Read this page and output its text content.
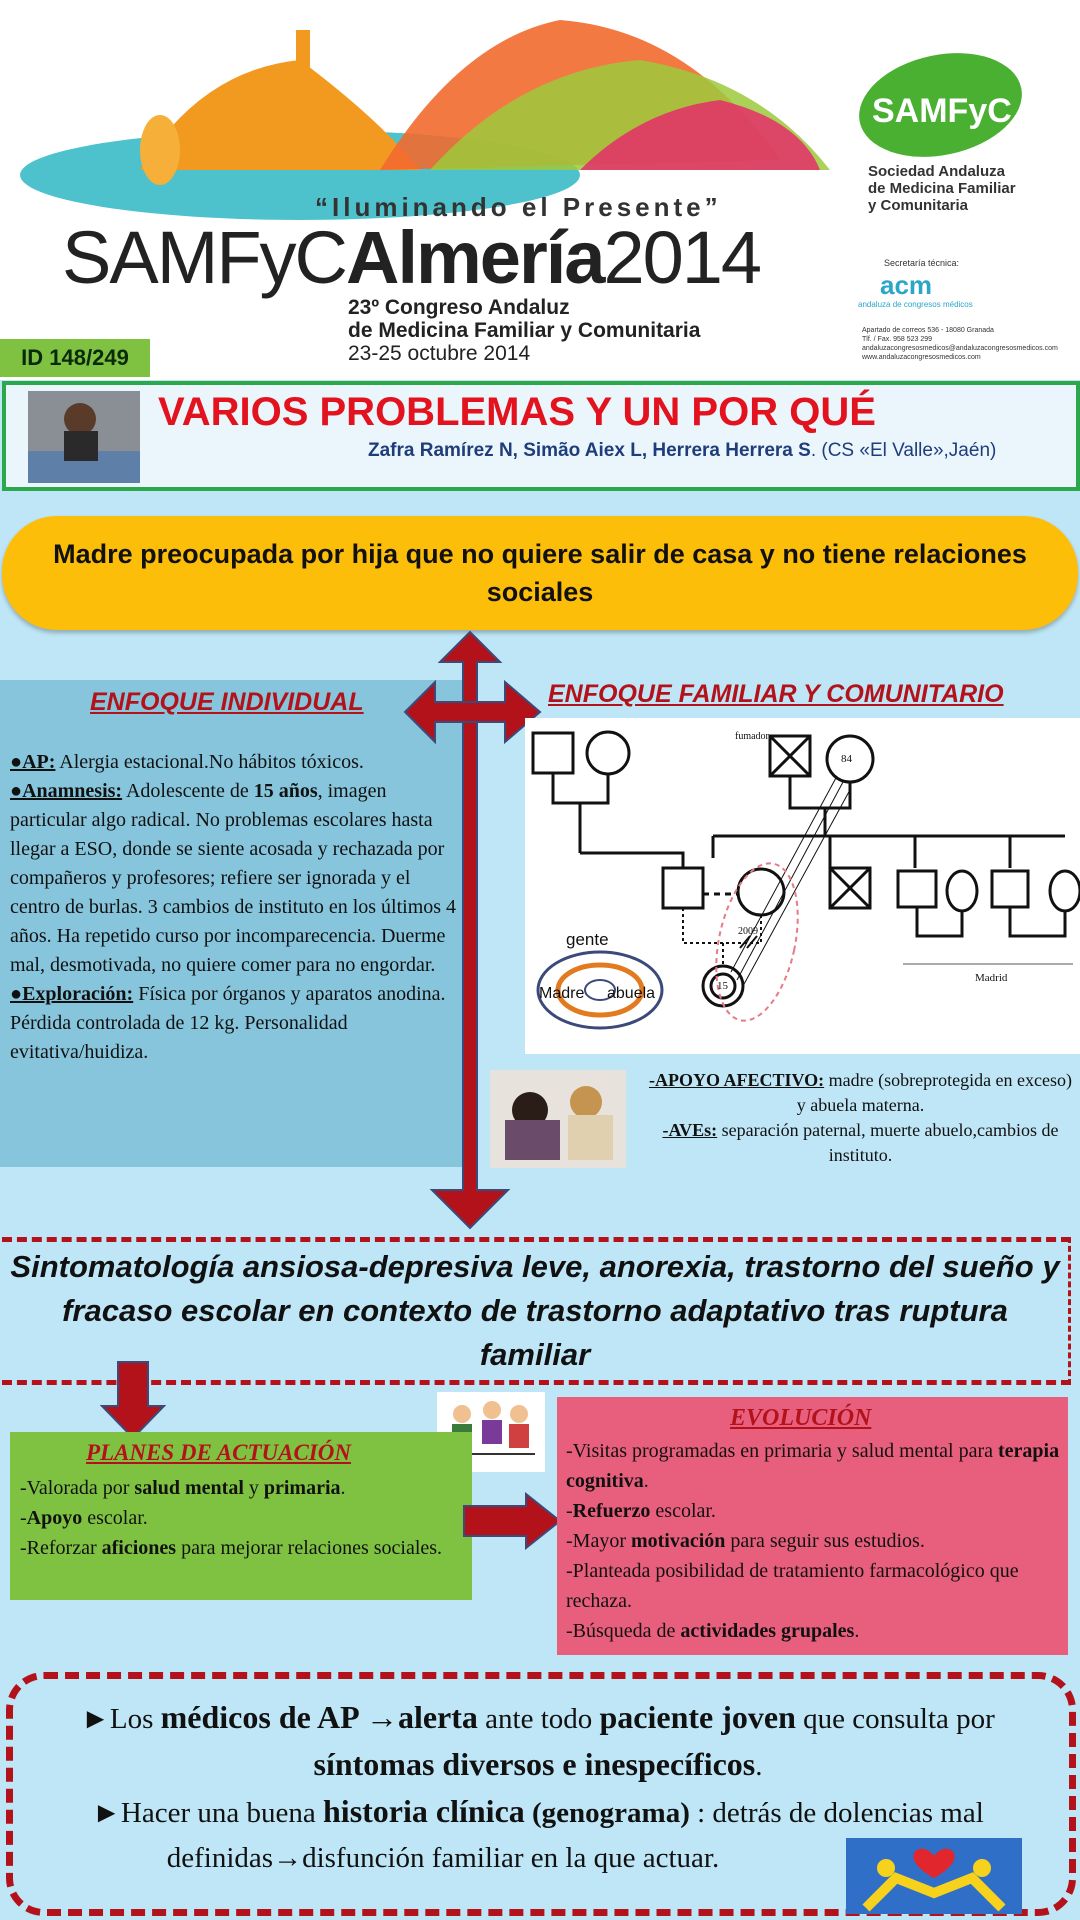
“Iluminando el Presente”
SAMFyCAlmería2014
23º Congreso Andaluz
de Medicina Familiar y Comunitaria
23-25 octubre 2014
SAMFyC
Sociedad Andaluza
de Medicina Familiar
y Comunitaria
Secretaría técnica:
acm
andaluza de congresos médicos
Apartado de correos 536 - 18080 Granada
Tlf. / Fax. 958 523 299
andaluzacongresosmedicos@andaluzacongresosmedicos.com
www.andaluzacongresosmedicos.com
ID 148/249
VARIOS PROBLEMAS Y UN POR QUÉ
Zafra Ramírez N, Simão Aiex L, Herrera Herrera S. (CS «El Valle»,Jaén)
Madre preocupada por hija que no quiere salir de casa y no tiene relaciones sociales
ENFOQUE INDIVIDUAL

●AP: Alergia estacional.No hábitos tóxicos.

●Anamnesis: Adolescente de 15 años, imagen particular algo radical. No problemas escolares hasta llegar a ESO, donde se siente acosada y rechazada por compañeros y profesores; refiere ser ignorada y el centro de burlas. 3 cambios de instituto en los últimos 4 años. Ha repetido curso por incomparecencia. Duerme mal, desmotivada, no quiere comer para no engordar.

●Exploración: Física por órganos y aparatos anodina. Pérdida controlada de 12 kg. Personalidad evitativa/huidiza.

ENFOQUE FAMILIAR Y COMUNITARIO
fumador
84
2009
15
Madrid
gente
Madre abuela

-APOYO AFECTIVO: madre (sobreprotegida en exceso) y abuela materna.

-AVEs: separación paternal, muerte abuelo,cambios de instituto.

Sintomatología ansiosa-depresiva leve, anorexia, trastorno del sueño y fracaso escolar en contexto de trastorno adaptativo tras ruptura familiar
PLANES DE ACTUACIÓN

-Valorada por salud mental y primaria.

-Apoyo escolar.

-Reforzar aficiones para mejorar relaciones sociales.

EVOLUCIÓN

-Visitas programadas en primaria y salud mental para terapia cognitiva.

-Refuerzo escolar.

-Mayor motivación para seguir sus estudios.

-Planteada posibilidad de tratamiento farmacológico que rechaza.

-Búsqueda de actividades grupales.

►Los médicos de AP →alerta ante todo paciente joven que consulta por síntomas diversos e inespecíficos.

►Hacer una buena historia clínica (genograma) : detrás de dolencias mal definidas→disfunción familiar en la que actuar.
